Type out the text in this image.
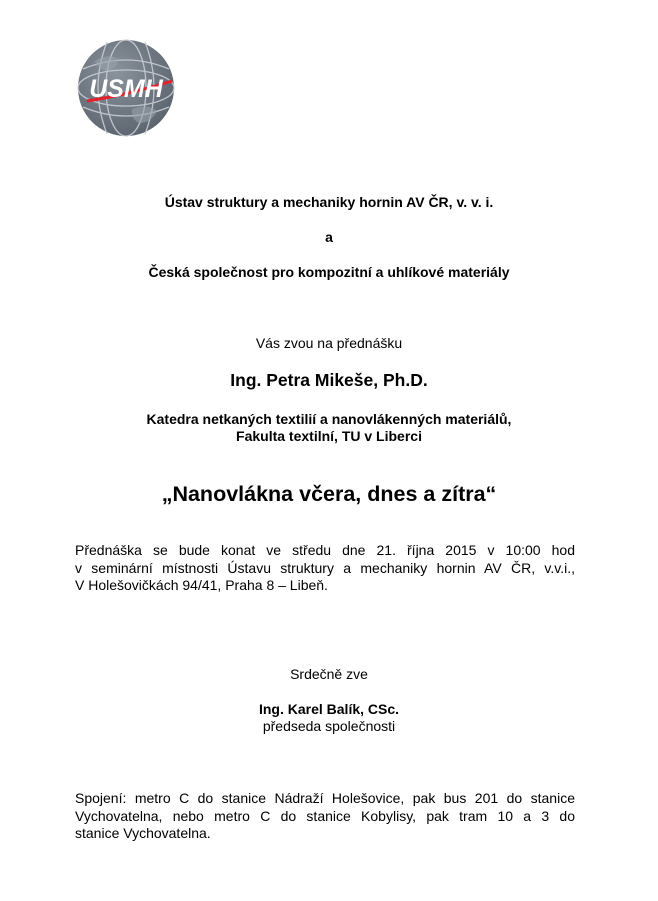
USMH
Ústav struktury a mechaniky hornin AV ČR, v. v. i.
a
Česká společnost pro kompozitní a uhlíkové materiály
Vás zvou na přednášku
Ing. Petra Mikeše, Ph.D.
Katedra netkaných textilií a nanovlákenných materiálů,
Fakulta textilní, TU v Liberci
„Nanovlákna včera, dnes a zítra“
Přednáška se bude konat ve středu dne 21. října 2015 v 10:00 hod
v seminární místnosti Ústavu struktury a mechaniky hornin AV ČR, v.v.i.,
V Holešovičkách 94/41, Praha 8 – Libeň.
Srdečně zve
Ing. Karel Balík, CSc.
předseda společnosti
Spojení: metro C do stanice Nádraží Holešovice, pak bus 201 do stanice
Vychovatelna, nebo metro C do stanice Kobylisy, pak tram 10 a 3 do
stanice Vychovatelna.
